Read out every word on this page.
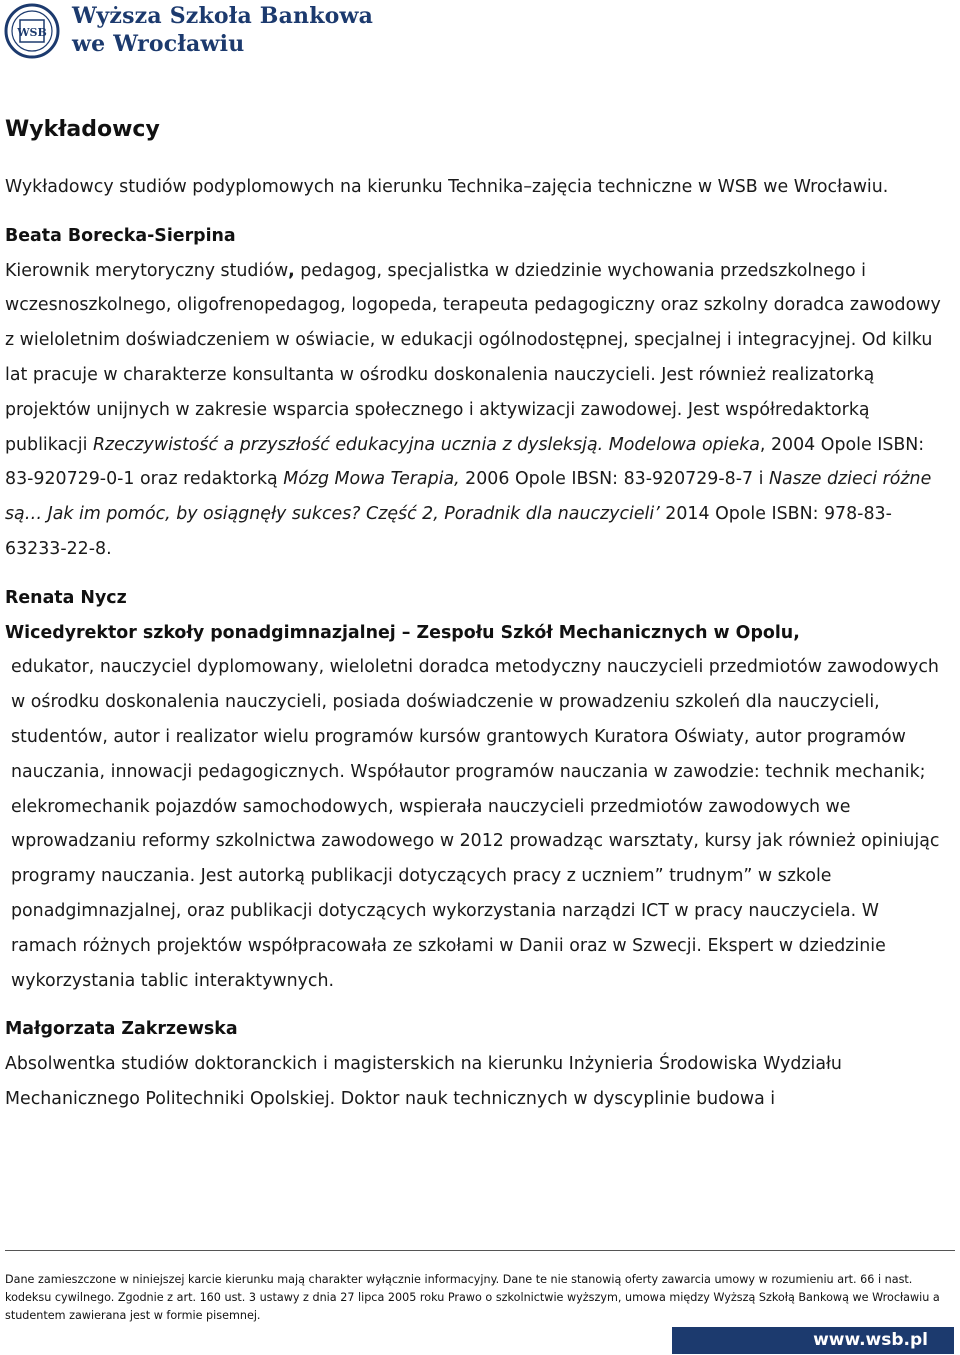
WSB
Wyższa Szkoła Bankowa
we Wrocławiu
Wykładowcy

Wykładowcy studiów podyplomowych na kierunku Technika–zajęcia techniczne w WSB we Wrocławiu.

Beata Borecka-Sierpina

Kierownik merytoryczny studiów, pedagog, specjalistka w dziedzinie wychowania przedszkolnego i wczesnoszkolnego, oligofrenopedagog, logopeda, terapeuta pedagogiczny oraz szkolny doradca zawodowy z wieloletnim doświadczeniem w oświacie, w edukacji ogólnodostępnej, specjalnej i integracyjnej. Od kilku lat pracuje w charakterze konsultanta w ośrodku doskonalenia nauczycieli. Jest również realizatorką projektów unijnych w zakresie wsparcia społecznego i aktywizacji zawodowej. Jest współredaktorką publikacji Rzeczywistość a przyszłość edukacyjna ucznia z dysleksją. Modelowa opieka, 2004 Opole ISBN: 83-920729-0-1 oraz redaktorką Mózg Mowa Terapia, 2006 Opole IBSN: 83-920729-8-7 i Nasze dzieci różne są… Jak im pomóc, by osiągnęły sukces? Część 2, Poradnik dla nauczycieli’ 2014 Opole ISBN: 978-83-63233-22-8.

Renata Nycz

Wicedyrektor szkoły ponadgimnazjalnej – Zespołu Szkół Mechanicznych w Opolu,

edukator, nauczyciel dyplomowany, wieloletni doradca metodyczny nauczycieli przedmiotów zawodowych w ośrodku doskonalenia nauczycieli, posiada doświadczenie w prowadzeniu szkoleń dla nauczycieli, studentów, autor i realizator wielu programów kursów grantowych Kuratora Oświaty, autor programów nauczania, innowacji pedagogicznych. Współautor programów nauczania w zawodzie: technik mechanik; elekromechanik pojazdów samochodowych, wspierała nauczycieli przedmiotów zawodowych we wprowadzaniu reformy szkolnictwa zawodowego w 2012 prowadząc warsztaty, kursy jak również opiniując programy nauczania. Jest autorką publikacji dotyczących pracy z uczniem” trudnym” w szkole ponadgimnazjalnej, oraz publikacji dotyczących wykorzystania narządzi ICT w pracy nauczyciela. W ramach różnych projektów współpracowała ze szkołami w Danii oraz w Szwecji. Ekspert w dziedzinie wykorzystania tablic interaktywnych.

Małgorzata Zakrzewska

Absolwentka studiów doktoranckich i magisterskich na kierunku Inżynieria Środowiska Wydziału Mechanicznego Politechniki Opolskiej. Doktor nauk technicznych w dyscyplinie budowa i

Dane zamieszczone w niniejszej karcie kierunku mają charakter wyłącznie informacyjny. Dane te nie stanowią oferty zawarcia umowy w rozumieniu art. 66 i nast. kodeksu cywilnego. Zgodnie z art. 160 ust. 3 ustawy z dnia 27 lipca 2005 roku Prawo o szkolnictwie wyższym, umowa między Wyższą Szkołą Bankową we Wrocławiu a studentem zawierana jest w formie pisemnej.
www.wsb.pl
